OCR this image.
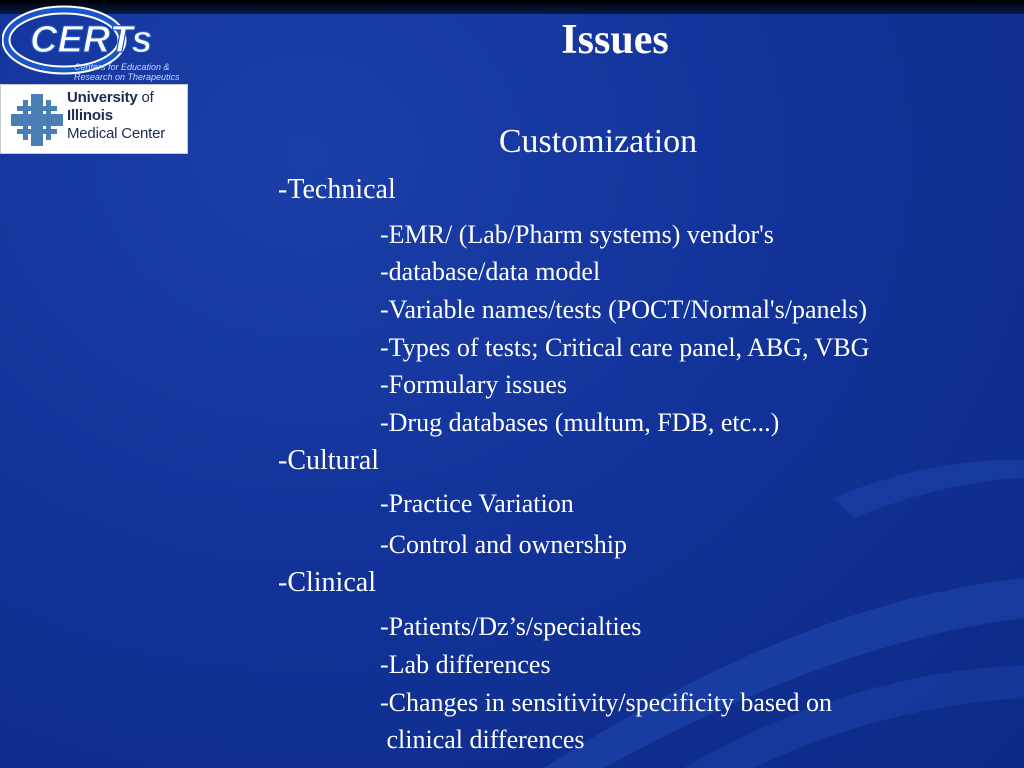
CERTs
Centers for Education &
Research on Therapeutics
University of
Illinois
Medical Center
Issues
Customization
-Technical
-EMR/ (Lab/Pharm systems) vendor's
-database/data model
-Variable names/tests (POCT/Normal's/panels)
-Types of tests; Critical care panel, ABG, VBG
-Formulary issues
-Drug databases (multum, FDB, etc...)
-Cultural
-Practice Variation
-Control and ownership
-Clinical
-Patients/Dz’s/specialties
-Lab differences
-Changes in sensitivity/specificity based on
clinical differences
